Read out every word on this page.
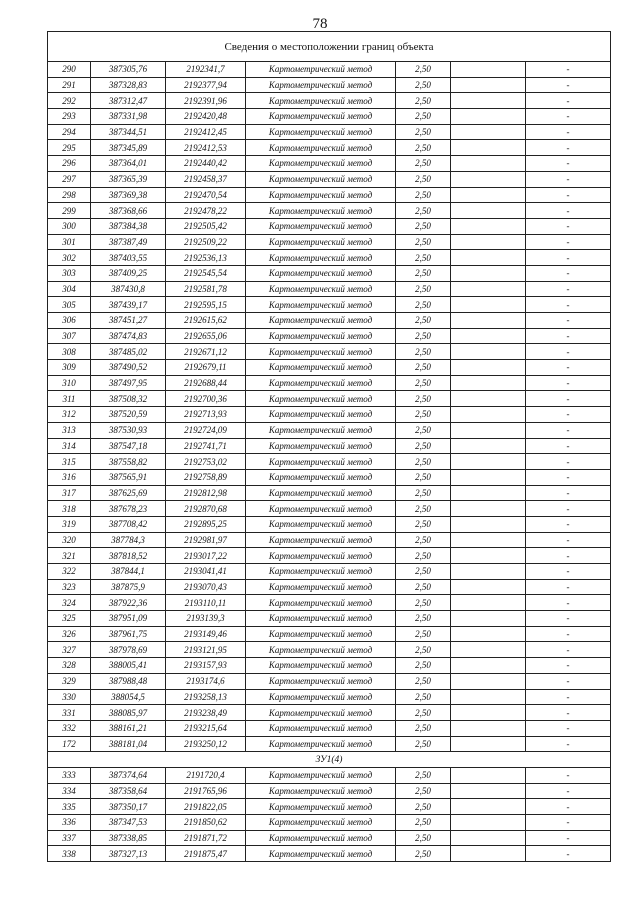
78
Сведения о местоположении границ объекта						
290	387305,76	2192341,7	Картометрический метод	2,50		-
291	387328,83	2192377,94	Картометрический метод	2,50		-
292	387312,47	2192391,96	Картометрический метод	2,50		-
293	387331,98	2192420,48	Картометрический метод	2,50		-
294	387344,51	2192412,45	Картометрический метод	2,50		-
295	387345,89	2192412,53	Картометрический метод	2,50		-
296	387364,01	2192440,42	Картометрический метод	2,50		-
297	387365,39	2192458,37	Картометрический метод	2,50		-
298	387369,38	2192470,54	Картометрический метод	2,50		-
299	387368,66	2192478,22	Картометрический метод	2,50		-
300	387384,38	2192505,42	Картометрический метод	2,50		-
301	387387,49	2192509,22	Картометрический метод	2,50		-
302	387403,55	2192536,13	Картометрический метод	2,50		-
303	387409,25	2192545,54	Картометрический метод	2,50		-
304	387430,8	2192581,78	Картометрический метод	2,50		-
305	387439,17	2192595,15	Картометрический метод	2,50		-
306	387451,27	2192615,62	Картометрический метод	2,50		-
307	387474,83	2192655,06	Картометрический метод	2,50		-
308	387485,02	2192671,12	Картометрический метод	2,50		-
309	387490,52	2192679,11	Картометрический метод	2,50		-
310	387497,95	2192688,44	Картометрический метод	2,50		-
311	387508,32	2192700,36	Картометрический метод	2,50		-
312	387520,59	2192713,93	Картометрический метод	2,50		-
313	387530,93	2192724,09	Картометрический метод	2,50		-
314	387547,18	2192741,71	Картометрический метод	2,50		-
315	387558,82	2192753,02	Картометрический метод	2,50		-
316	387565,91	2192758,89	Картометрический метод	2,50		-
317	387625,69	2192812,98	Картометрический метод	2,50		-
318	387678,23	2192870,68	Картометрический метод	2,50		-
319	387708,42	2192895,25	Картометрический метод	2,50		-
320	387784,3	2192981,97	Картометрический метод	2,50		-
321	387818,52	2193017,22	Картометрический метод	2,50		-
322	387844,1	2193041,41	Картометрический метод	2,50		-
323	387875,9	2193070,43	Картометрический метод	2,50		-
324	387922,36	2193110,11	Картометрический метод	2,50		-
325	387951,09	2193139,3	Картометрический метод	2,50		-
326	387961,75	2193149,46	Картометрический метод	2,50		-
327	387978,69	2193121,95	Картометрический метод	2,50		-
328	388005,41	2193157,93	Картометрический метод	2,50		-
329	387988,48	2193174,6	Картометрический метод	2,50		-
330	388054,5	2193258,13	Картометрический метод	2,50		-
331	388085,97	2193238,49	Картометрический метод	2,50		-
332	388161,21	2193215,64	Картометрический метод	2,50		-
172	388181,04	2193250,12	Картометрический метод	2,50		-
ЗУ1(4)						
333	387374,64	2191720,4	Картометрический метод	2,50		-
334	387358,64	2191765,96	Картометрический метод	2,50		-
335	387350,17	2191822,05	Картометрический метод	2,50		-
336	387347,53	2191850,62	Картометрический метод	2,50		-
337	387338,85	2191871,72	Картометрический метод	2,50		-
338	387327,13	2191875,47	Картометрический метод	2,50		-
